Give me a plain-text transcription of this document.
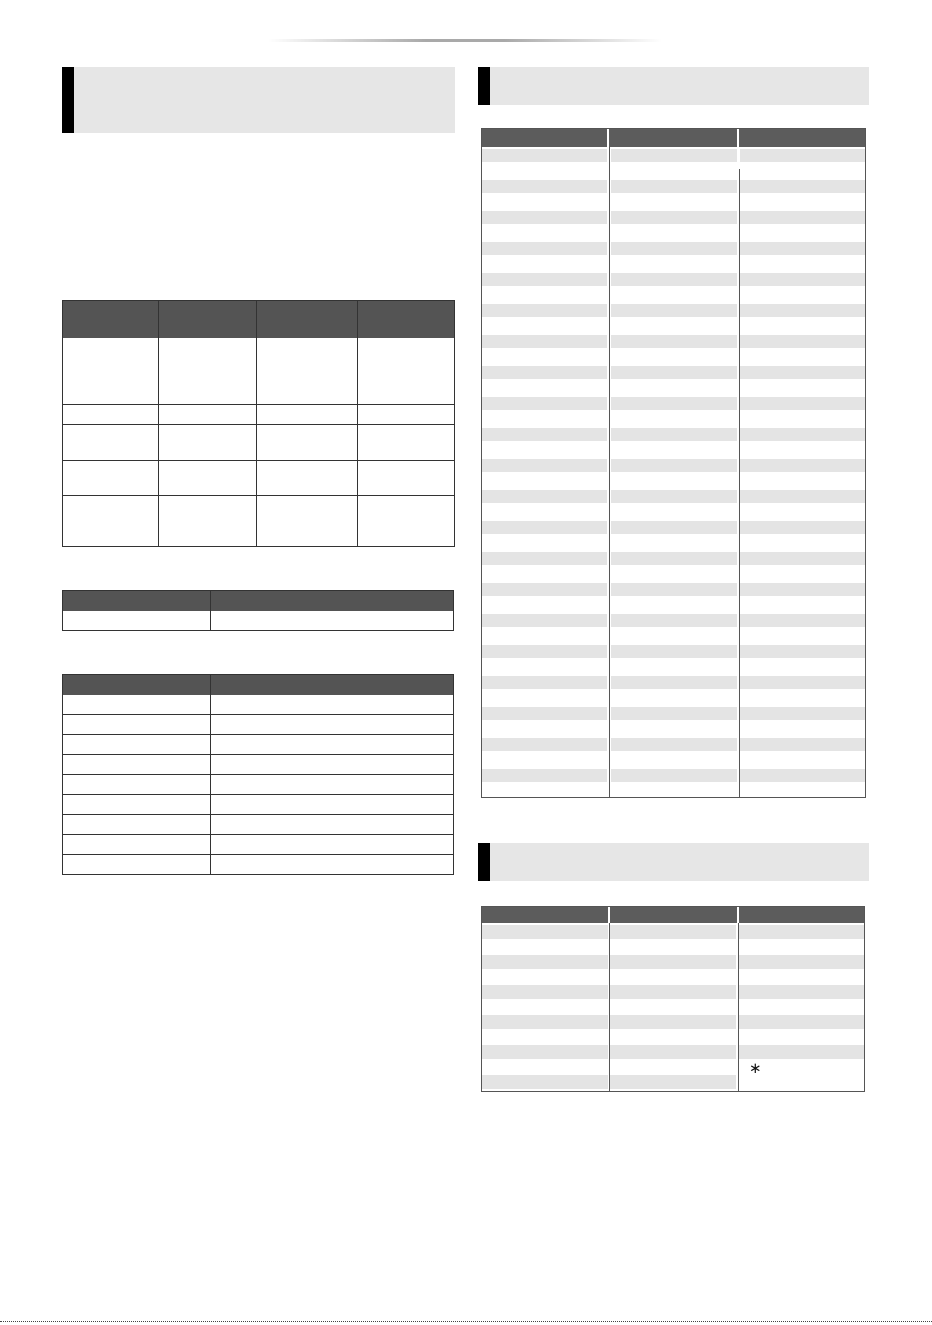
∗
